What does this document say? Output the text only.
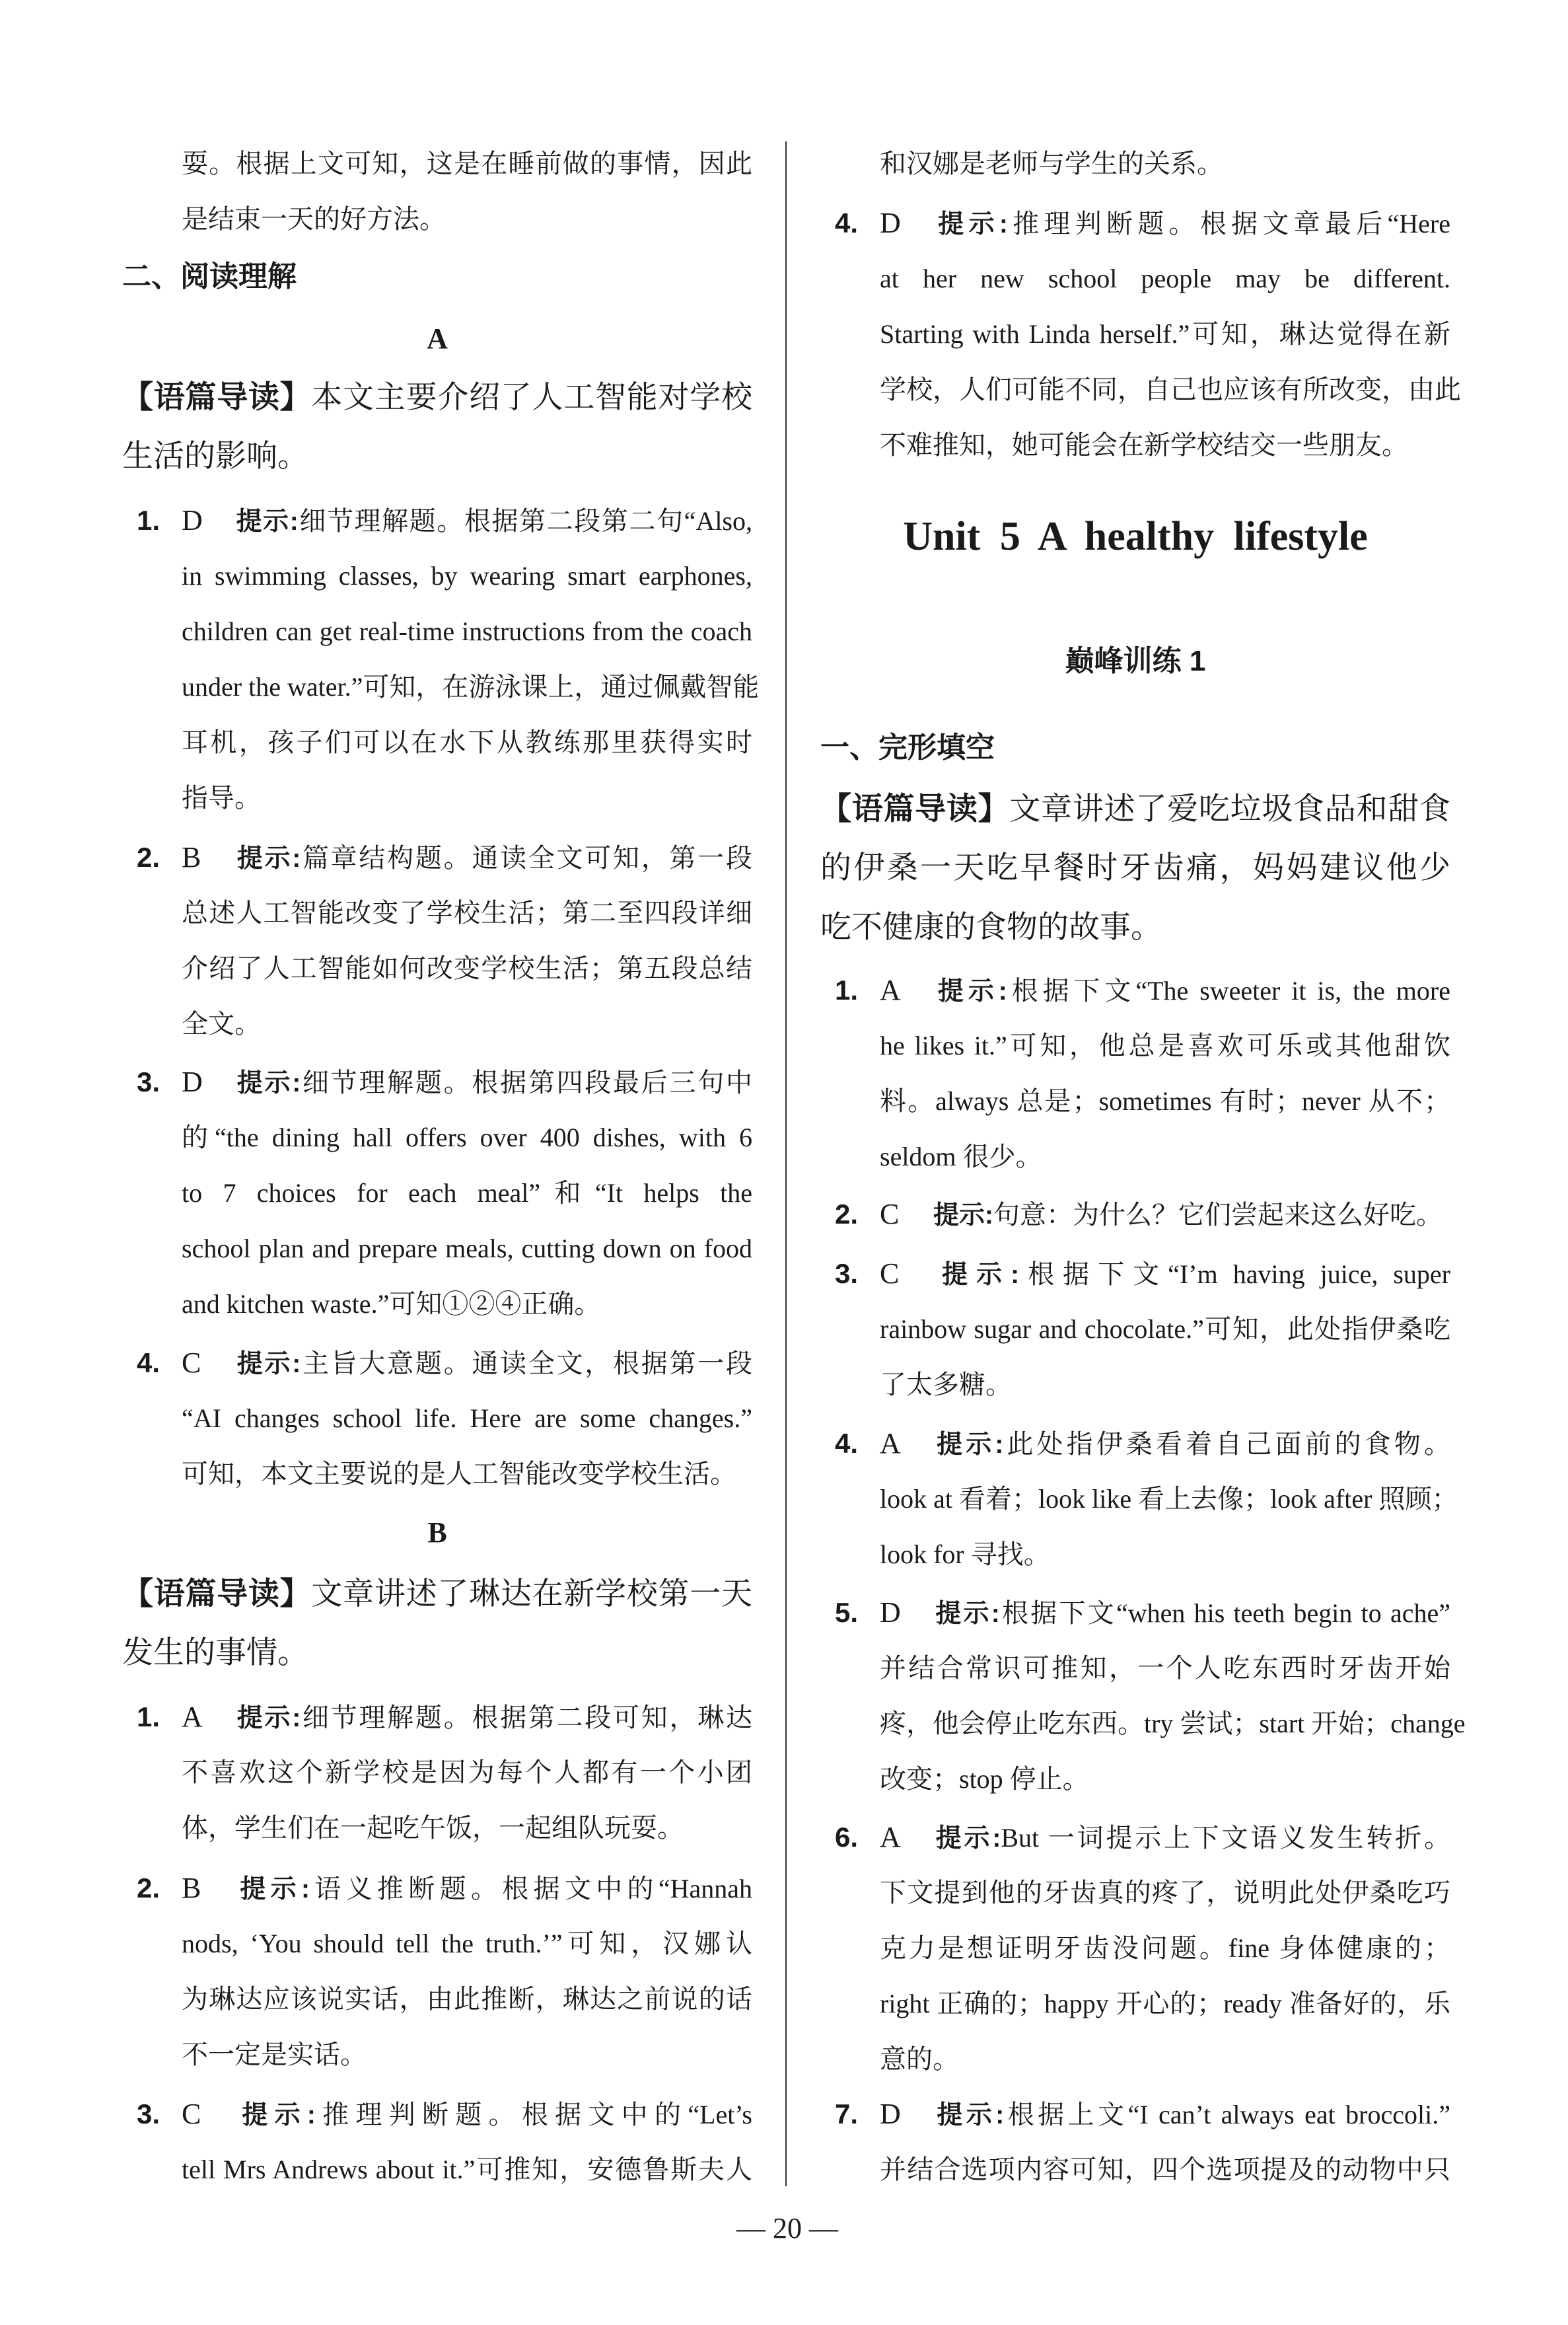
耍。根据上文可知，这是在睡前做的事情，因此
是结束一天的好方法。
二、阅读理解
A
【语篇导读】本文主要介绍了人工智能对学校
生活的影响。
1. D 提示:细节理解题。根据第二段第二句“Also,
in swimming classes, by wearing smart earphones,
children can get real-time instructions from the coach
under the water.”可知，在游泳课上，通过佩戴智能
耳机，孩子们可以在水下从教练那里获得实时
指导。
2. B 提示:篇章结构题。通读全文可知，第一段
总述人工智能改变了学校生活；第二至四段详细
介绍了人工智能如何改变学校生活；第五段总结
全文。
3. D 提示:细节理解题。根据第四段最后三句中
的“the dining hall offers over 400 dishes, with 6
to 7 choices for each meal”和“It helps the
school plan and prepare meals, cutting down on food
and kitchen waste.”可知①②④正确。
4. C 提示:主旨大意题。通读全文，根据第一段
“AI changes school life. Here are some changes.”
可知，本文主要说的是人工智能改变学校生活。
B
【语篇导读】文章讲述了琳达在新学校第一天
发生的事情。
1. A 提示:细节理解题。根据第二段可知，琳达
不喜欢这个新学校是因为每个人都有一个小团
体，学生们在一起吃午饭，一起组队玩耍。
2. B 提示:语义推断题。根据文中的“Hannah
nods, ‘You should tell the truth.’”可知，汉娜认
为琳达应该说实话，由此推断，琳达之前说的话
不一定是实话。
3. C 提示:推理判断题。根据文中的“Let’s
tell Mrs Andrews about it.”可推知，安德鲁斯夫人
和汉娜是老师与学生的关系。
4. D 提示:推理判断题。根据文章最后“Here
at her new school people may be different.
Starting with Linda herself.”可知，琳达觉得在新
学校，人们可能不同，自己也应该有所改变，由此
不难推知，她可能会在新学校结交一些朋友。
Unit 5 A healthy lifestyle
巅峰训练 1
一、完形填空
【语篇导读】文章讲述了爱吃垃圾食品和甜食
的伊桑一天吃早餐时牙齿痛，妈妈建议他少
吃不健康的食物的故事。
1. A 提示:根据下文“The sweeter it is, the more
he likes it.”可知，他总是喜欢可乐或其他甜饮
料。always 总是；sometimes 有时；never 从不；
seldom 很少。
2. C 提示:句意：为什么？它们尝起来这么好吃。
3. C 提示:根据下文“I’m having juice, super
rainbow sugar and chocolate.”可知，此处指伊桑吃
了太多糖。
4. A 提示:此处指伊桑看着自己面前的食物。
look at 看着；look like 看上去像；look after 照顾；
look for 寻找。
5. D 提示:根据下文“when his teeth begin to ache”
并结合常识可推知，一个人吃东西时牙齿开始
疼，他会停止吃东西。try 尝试；start 开始；change
改变；stop 停止。
6. A 提示:But 一词提示上下文语义发生转折。
下文提到他的牙齿真的疼了，说明此处伊桑吃巧
克力是想证明牙齿没问题。fine 身体健康的；
right 正确的；happy 开心的；ready 准备好的，乐
意的。
7. D 提示:根据上文“I can’t always eat broccoli.”
并结合选项内容可知，四个选项提及的动物中只
— 20 —
